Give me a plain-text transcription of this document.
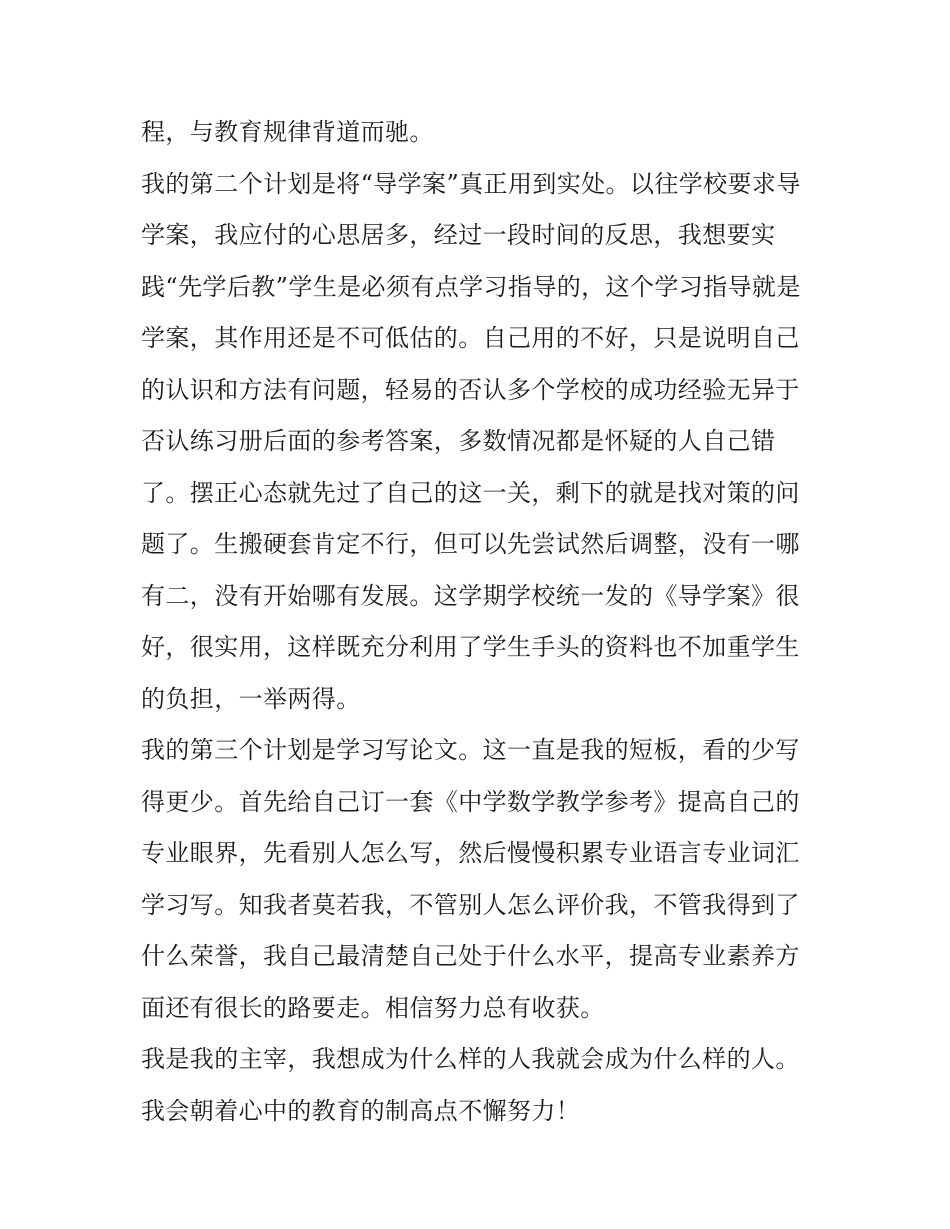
程，与教育规律背道而驰。
我的第二个计划是将“导学案”真正用到实处。以往学校要求导
学案，我应付的心思居多，经过一段时间的反思，我想要实
践“先学后教”学生是必须有点学习指导的，这个学习指导就是
学案，其作用还是不可低估的。自己用的不好，只是说明自己
的认识和方法有问题，轻易的否认多个学校的成功经验无异于
否认练习册后面的参考答案，多数情况都是怀疑的人自己错
了。摆正心态就先过了自己的这一关，剩下的就是找对策的问
题了。生搬硬套肯定不行，但可以先尝试然后调整，没有一哪
有二，没有开始哪有发展。这学期学校统一发的《导学案》很
好，很实用，这样既充分利用了学生手头的资料也不加重学生
的负担，一举两得。
我的第三个计划是学习写论文。这一直是我的短板，看的少写
得更少。首先给自己订一套《中学数学教学参考》提高自己的
专业眼界，先看别人怎么写，然后慢慢积累专业语言专业词汇
学习写。知我者莫若我，不管别人怎么评价我，不管我得到了
什么荣誉，我自己最清楚自己处于什么水平，提高专业素养方
面还有很长的路要走。相信努力总有收获。
我是我的主宰，我想成为什么样的人我就会成为什么样的人。
我会朝着心中的教育的制高点不懈努力！
